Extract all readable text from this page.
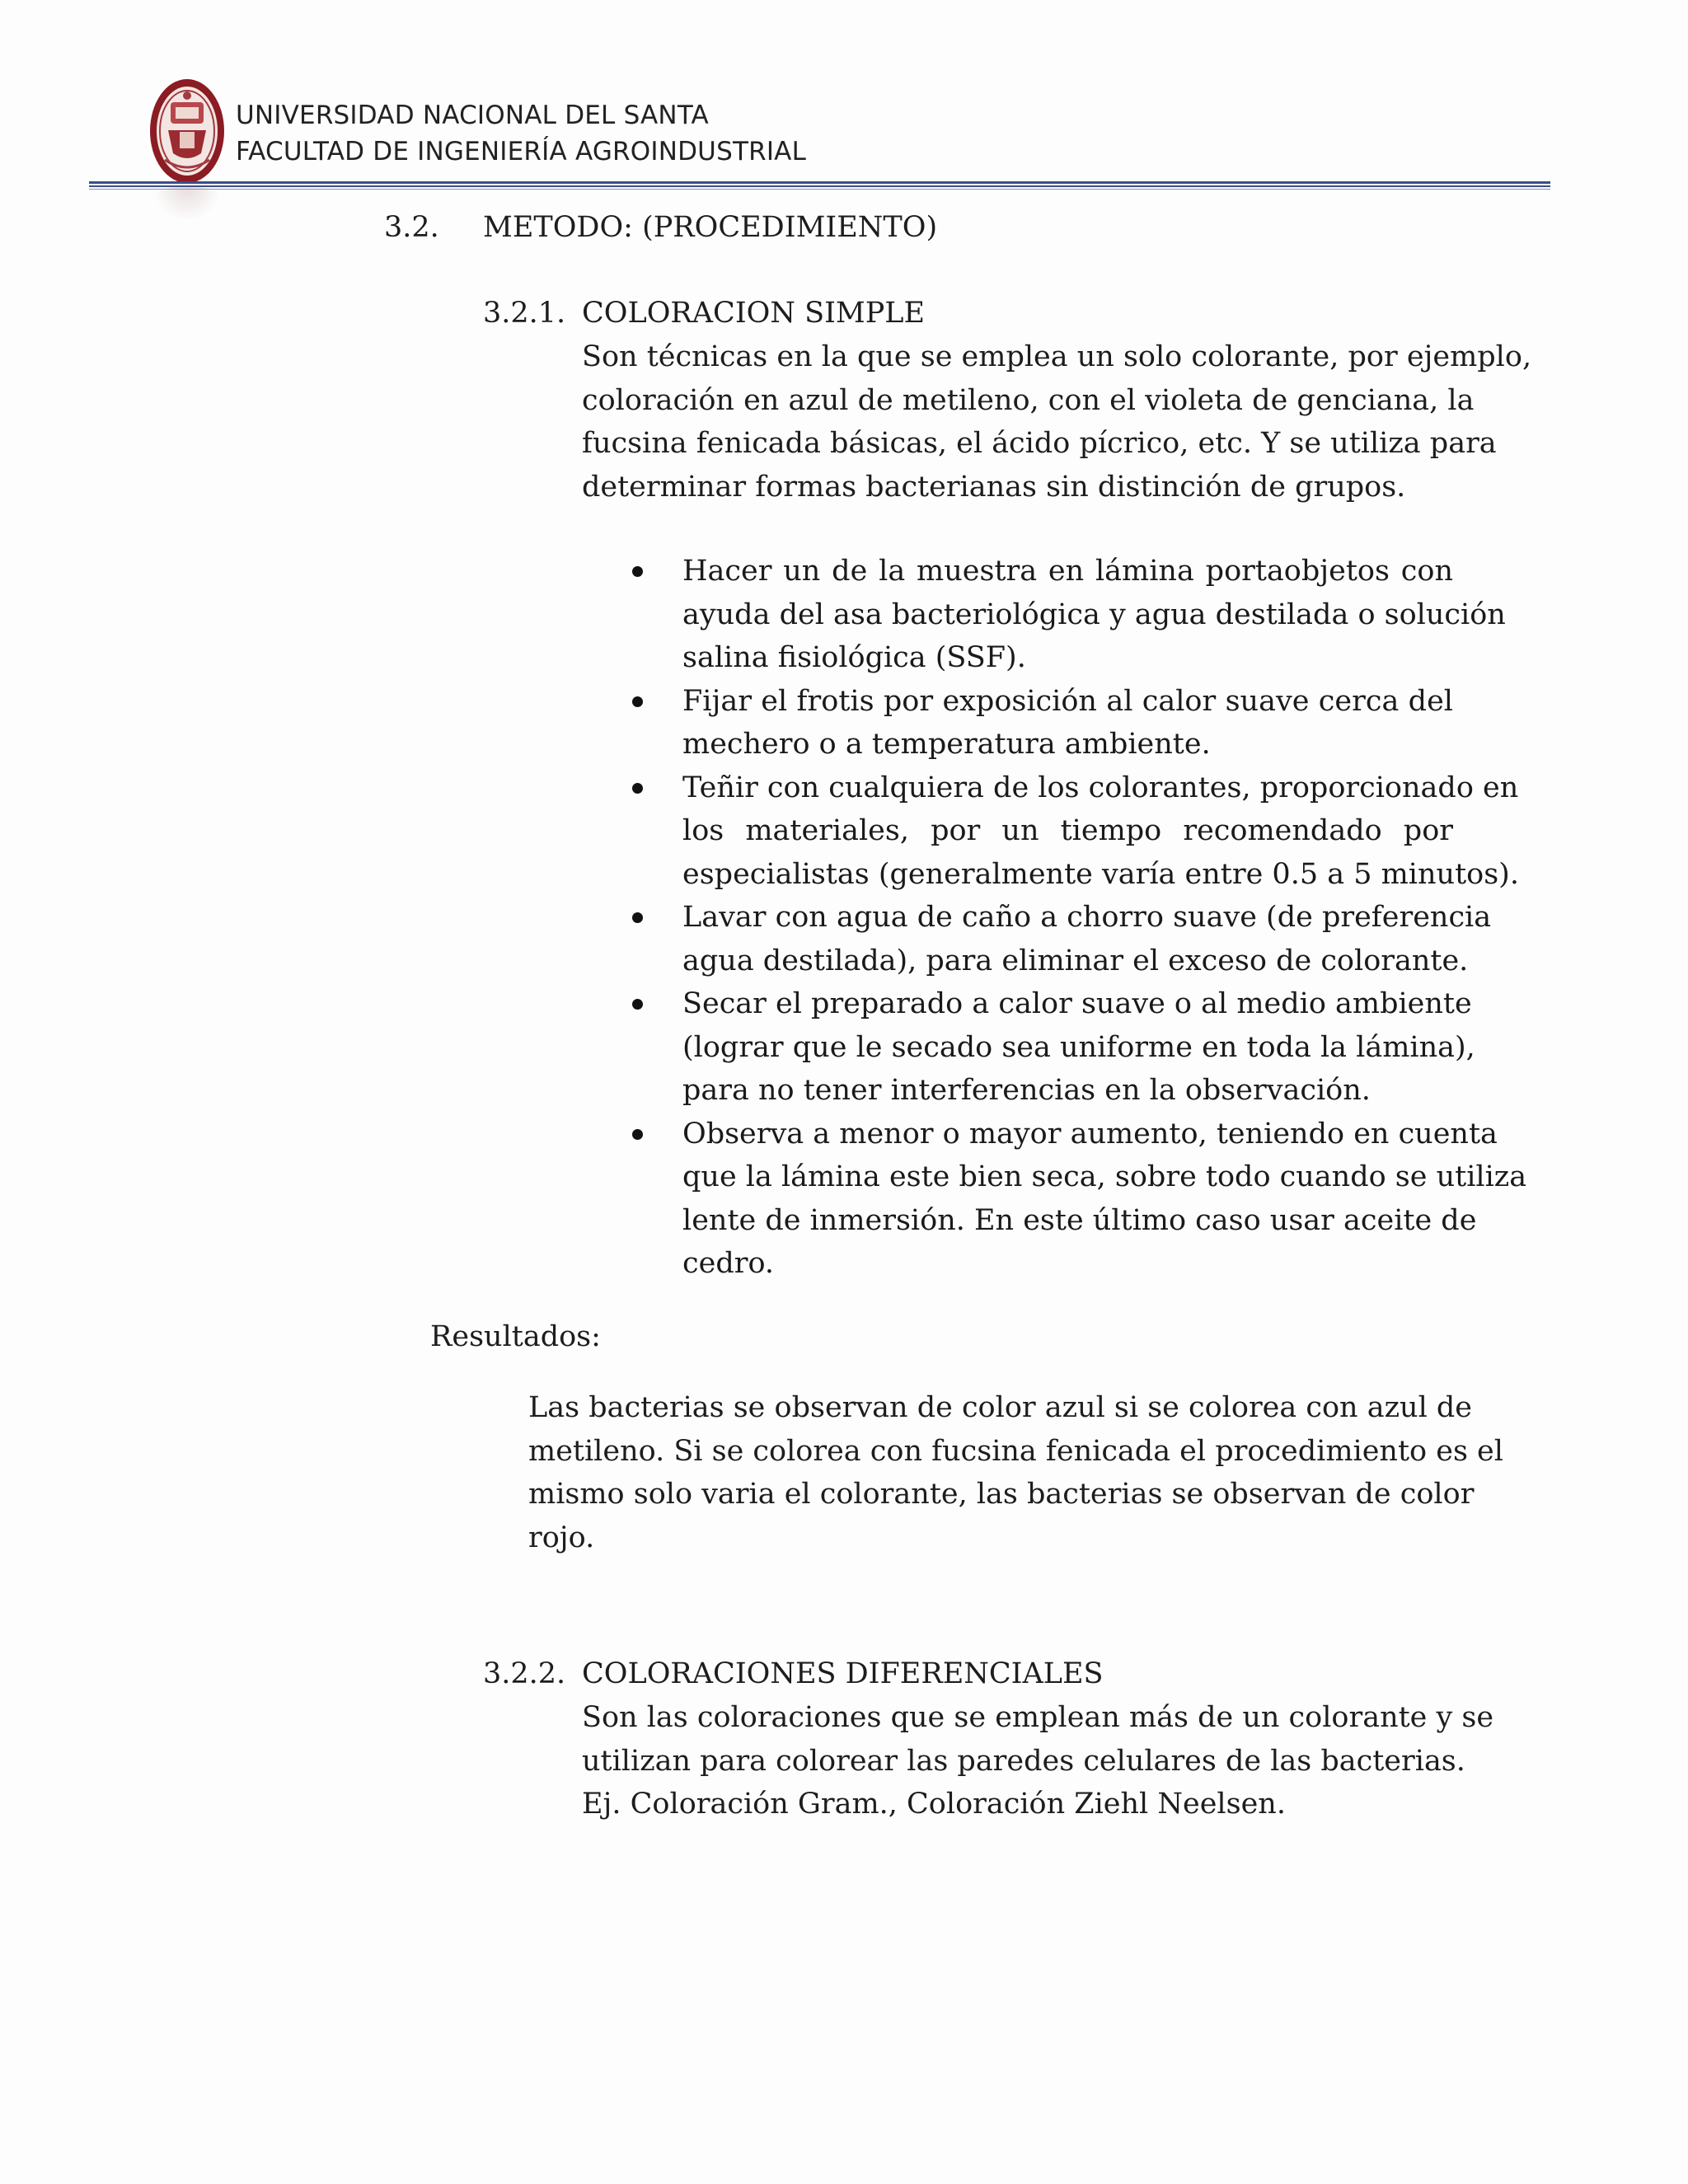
UNIVERSIDAD NACIONAL DEL SANTA
FACULTAD DE INGENIERÍA AGROINDUSTRIAL
3.2. METODO: (PROCEDIMIENTO)
3.2.1. COLORACION SIMPLE
Son técnicas en la que se emplea un solo colorante, por ejemplo,
coloración en azul de metileno, con el violeta de genciana, la
fucsina fenicada básicas, el ácido pícrico, etc. Y se utiliza para
determinar formas bacterianas sin distinción de grupos.
Hacer un de la muestra en lámina portaobjetos con
ayuda del asa bacteriológica y agua destilada o solución
salina fisiológica (SSF).
Fijar el frotis por exposición al calor suave cerca del
mechero o a temperatura ambiente.
Teñir con cualquiera de los colorantes, proporcionado en
los materiales, por un tiempo recomendado por
especialistas (generalmente varía entre 0.5 a 5 minutos).
Lavar con agua de caño a chorro suave (de preferencia
agua destilada), para eliminar el exceso de colorante.
Secar el preparado a calor suave o al medio ambiente
(lograr que le secado sea uniforme en toda la lámina),
para no tener interferencias en la observación.
Observa a menor o mayor aumento, teniendo en cuenta
que la lámina este bien seca, sobre todo cuando se utiliza
lente de inmersión. En este último caso usar aceite de
cedro.
Resultados:
Las bacterias se observan de color azul si se colorea con azul de
metileno. Si se colorea con fucsina fenicada el procedimiento es el
mismo solo varia el colorante, las bacterias se observan de color
rojo.
3.2.2. COLORACIONES DIFERENCIALES
Son las coloraciones que se emplean más de un colorante y se
utilizan para colorear las paredes celulares de las bacterias.
Ej. Coloración Gram., Coloración Ziehl Neelsen.
